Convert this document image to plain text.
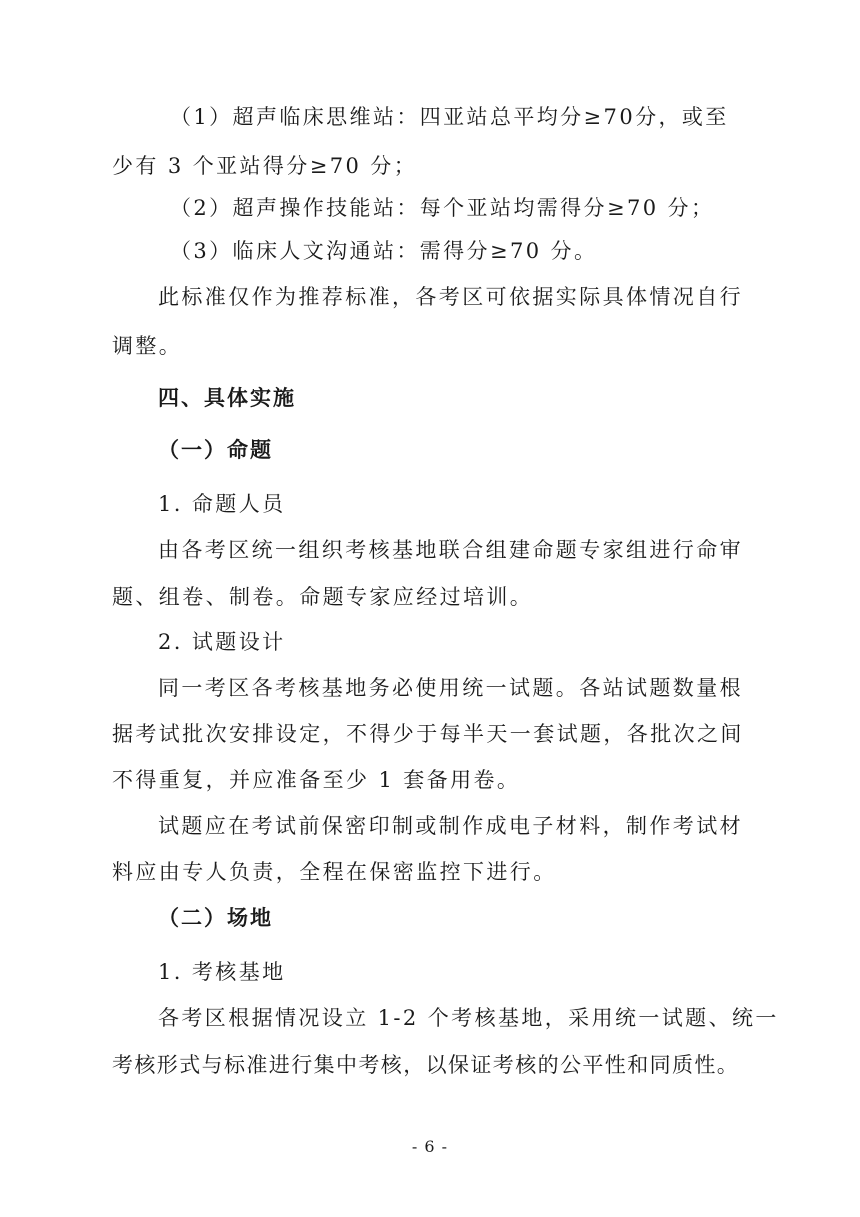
（1）超声临床思维站：四亚站总平均分≥70分，或至
少有 3 个亚站得分≥70 分；
（2）超声操作技能站：每个亚站均需得分≥70 分；
（3）临床人文沟通站：需得分≥70 分。
此标准仅作为推荐标准，各考区可依据实际具体情况自行
调整。
四、具体实施
（一）命题
1. 命题人员
由各考区统一组织考核基地联合组建命题专家组进行命审
题、组卷、制卷。命题专家应经过培训。
2. 试题设计
同一考区各考核基地务必使用统一试题。各站试题数量根
据考试批次安排设定，不得少于每半天一套试题，各批次之间
不得重复，并应准备至少 1 套备用卷。
试题应在考试前保密印制或制作成电子材料，制作考试材
料应由专人负责，全程在保密监控下进行。
（二）场地
1. 考核基地
各考区根据情况设立 1-2 个考核基地，采用统一试题、统一
考核形式与标准进行集中考核，以保证考核的公平性和同质性。
- 6 -
